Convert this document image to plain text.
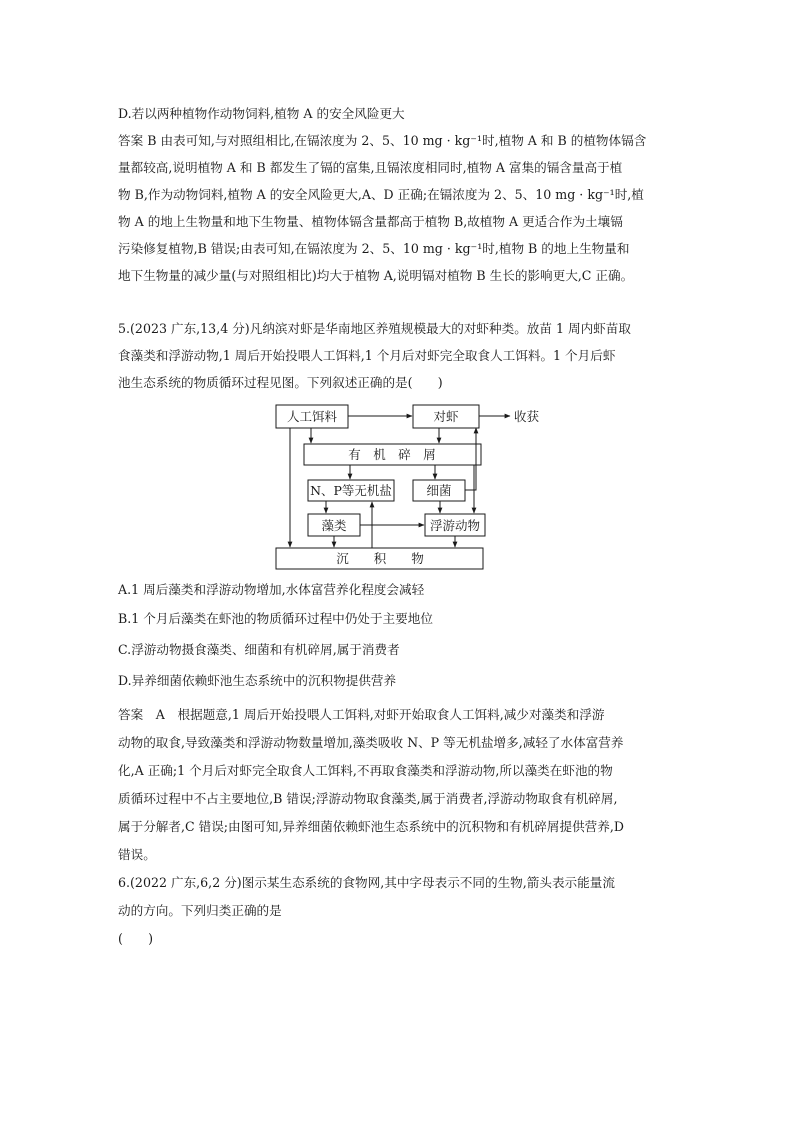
D.若以两种植物作动物饲料,植物 A 的安全风险更大
答案 B 由表可知,与对照组相比,在镉浓度为 2、5、10 mg · kg⁻¹时,植物 A 和 B 的植物体镉含
量都较高,说明植物 A 和 B 都发生了镉的富集,且镉浓度相同时,植物 A 富集的镉含量高于植
物 B,作为动物饲料,植物 A 的安全风险更大,A、D 正确;在镉浓度为 2、5、10 mg · kg⁻¹时,植
物 A 的地上生物量和地下生物量、植物体镉含量都高于植物 B,故植物 A 更适合作为土壤镉
污染修复植物,B 错误;由表可知,在镉浓度为 2、5、10 mg · kg⁻¹时,植物 B 的地上生物量和
地下生物量的减少量(与对照组相比)均大于植物 A,说明镉对植物 B 生长的影响更大,C 正确。
5.(2023 广东,13,4 分)凡纳滨对虾是华南地区养殖规模最大的对虾种类。放苗 1 周内虾苗取
食藻类和浮游动物,1 周后开始投喂人工饵料,1 个月后对虾完全取食人工饵料。1 个月后虾
池生态系统的物质循环过程见图。下列叙述正确的是(　　)
人工饵料	对虾	收获
有　机　碎　屑
N、P等无机盐	细菌
藻类	浮游动物
沉　　积　　物
A.1 周后藻类和浮游动物增加,水体富营养化程度会减轻
B.1 个月后藻类在虾池的物质循环过程中仍处于主要地位
C.浮游动物摄食藻类、细菌和有机碎屑,属于消费者
D.异养细菌依赖虾池生态系统中的沉积物提供营养
答案　A　根据题意,1 周后开始投喂人工饵料,对虾开始取食人工饵料,减少对藻类和浮游
动物的取食,导致藻类和浮游动物数量增加,藻类吸收 N、P 等无机盐增多,减轻了水体富营养
化,A 正确;1 个月后对虾完全取食人工饵料,不再取食藻类和浮游动物,所以藻类在虾池的物
质循环过程中不占主要地位,B 错误;浮游动物取食藻类,属于消费者,浮游动物取食有机碎屑,
属于分解者,C 错误;由图可知,异养细菌依赖虾池生态系统中的沉积物和有机碎屑提供营养,D
错误。
6.(2022 广东,6,2 分)图示某生态系统的食物网,其中字母表示不同的生物,箭头表示能量流
动的方向。下列归类正确的是
(　　)
